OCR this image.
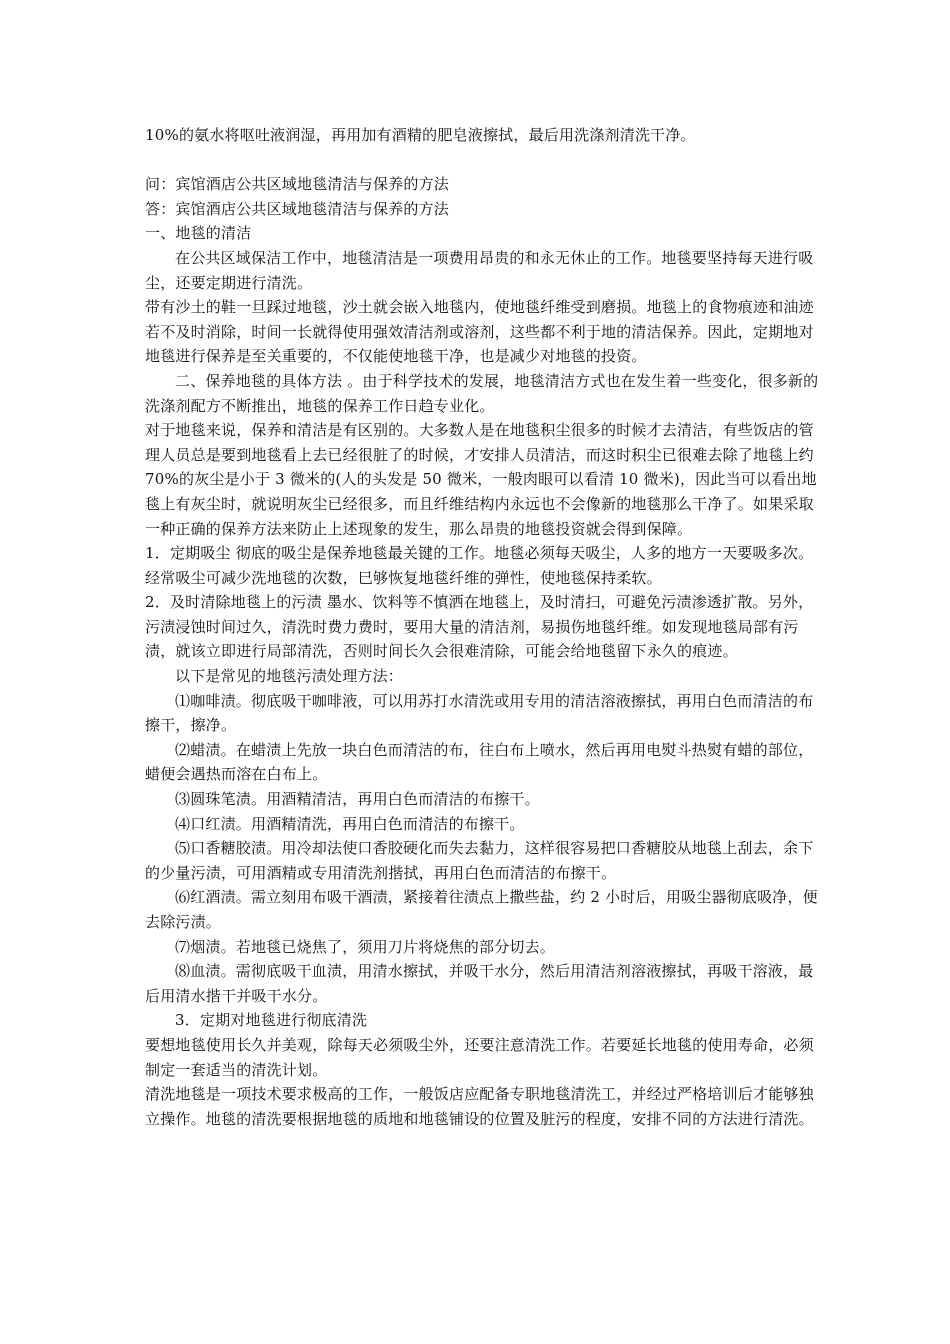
10%的氨水将呕吐液润湿，再用加有酒精的肥皂液擦拭，最后用洗涤剂清洗干净。

问：宾馆酒店公共区域地毯清洁与保养的方法

答：宾馆酒店公共区域地毯清洁与保养的方法

一、地毯的清洁

在公共区域保洁工作中，地毯清洁是一项费用昂贵的和永无休止的工作。地毯要坚持每天进行吸尘，还要定期进行清洗。

带有沙土的鞋一旦踩过地毯，沙土就会嵌入地毯内，使地毯纤维受到磨损。地毯上的食物痕迹和油迹若不及时消除，时间一长就得使用强效清洁剂或溶剂，这些都不利于地的清洁保养。因此，定期地对地毯进行保养是至关重要的，不仅能使地毯干净，也是减少对地毯的投资。

二、保养地毯的具体方法 。由于科学技术的发展，地毯清洁方式也在发生着一些变化，很多新的洗涤剂配方不断推出，地毯的保养工作日趋专业化。

对于地毯来说，保养和清洁是有区别的。大多数人是在地毯积尘很多的时候才去清洁，有些饭店的管理人员总是要到地毯看上去已经很脏了的时候，才安排人员清洁，而这时积尘已很难去除了地毯上约 70%的灰尘是小于 3 微米的(人的头发是 50 微米，一般肉眼可以看清 10 微米)，因此当可以看出地毯上有灰尘时，就说明灰尘已经很多，而且纤维结构内永远也不会像新的地毯那么干净了。如果采取一种正确的保养方法来防止上述现象的发生，那么昂贵的地毯投资就会得到保障。

1．定期吸尘 彻底的吸尘是保养地毯最关键的工作。地毯必须每天吸尘，人多的地方一天要吸多次。经常吸尘可减少洗地毯的次数，巳够恢复地毯纤维的弹性，使地毯保持柔软。

2．及时清除地毯上的污渍 墨水、饮料等不慎洒在地毯上，及时清扫，可避免污渍渗透扩散。另外，污渍浸蚀时间过久，清洗时费力费时，要用大量的清洁剂，易损伤地毯纤维。如发现地毯局部有污渍，就该立即进行局部清洗，否则时间长久会很难清除，可能会给地毯留下永久的痕迹。

以下是常见的地毯污渍处理方法：

⑴咖啡渍。彻底吸干咖啡液，可以用苏打水清洗或用专用的清洁溶液擦拭，再用白色而清洁的布擦干，擦净。

⑵蜡渍。在蜡渍上先放一块白色而清洁的布，往白布上喷水，然后再用电熨斗热熨有蜡的部位，蜡便会遇热而溶在白布上。

⑶圆珠笔渍。用酒精清洁，再用白色而清洁的布擦干。

⑷口红渍。用酒精清洗，再用白色而清洁的布擦干。

⑸口香糖胶渍。用冷却法使口香胶硬化而失去黏力，这样很容易把口香糖胶从地毯上刮去，余下的少量污渍，可用酒精或专用清洗剂揩拭，再用白色而清洁的布擦干。

⑹红酒渍。需立刻用布吸干酒渍，紧接着往渍点上撒些盐，约 2 小时后，用吸尘器彻底吸净，便去除污渍。

⑺烟渍。若地毯已烧焦了，须用刀片将烧焦的部分切去。

⑻血渍。需彻底吸干血渍，用清水擦拭，并吸干水分，然后用清洁剂溶液擦拭，再吸干溶液，最后用清水揩干并吸干水分。

3．定期对地毯进行彻底清洗

要想地毯使用长久并美观，除每天必须吸尘外，还要注意清洗工作。若要延长地毯的使用寿命，必须制定一套适当的清洗计划。

清洗地毯是一项技术要求极高的工作，一般饭店应配备专职地毯清洗工，并经过严格培训后才能够独立操作。地毯的清洗要根据地毯的质地和地毯铺设的位置及脏污的程度，安排不同的方法进行清洗。
